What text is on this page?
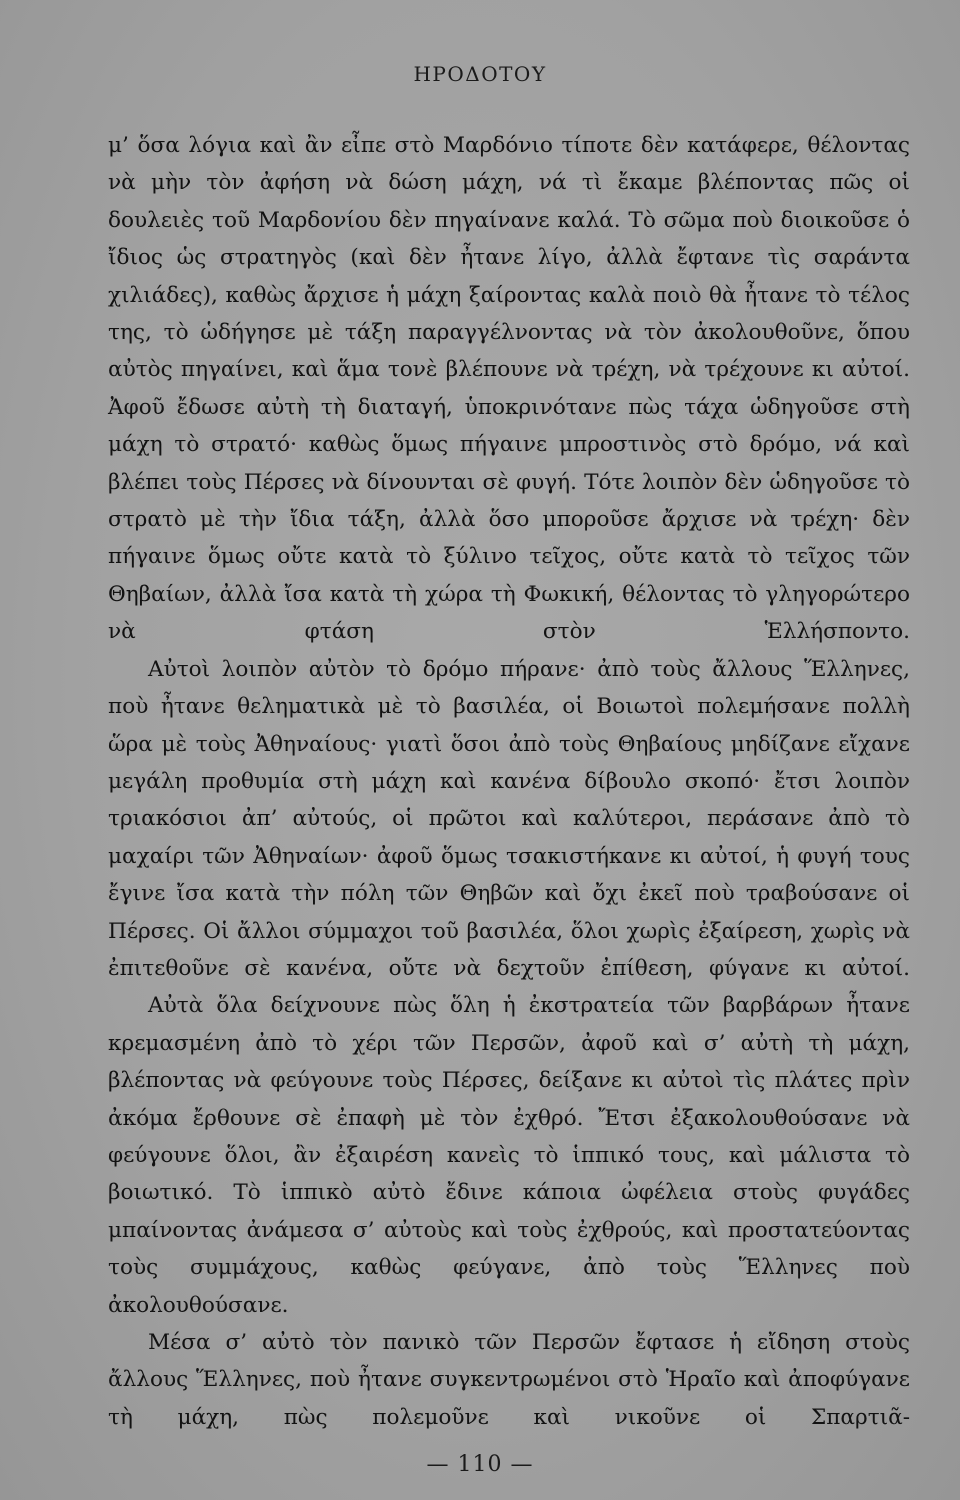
ΗΡΟΔΟΤΟΥ

μ’ ὅσα λόγια καὶ ἂν εἶπε στὸ Μαρδόνιο τίποτε δὲν κατάφερε, θέλοντας νὰ μὴν τὸν ἀφήση νὰ δώση μάχη, νά τὶ ἔκαμε βλέποντας πῶς οἱ δουλειὲς τοῦ Μαρδονίου δὲν πηγαίνανε καλά. Τὸ σῶμα ποὺ διοικοῦσε ὁ ἴδιος ὡς στρατηγὸς (καὶ δὲν ἦτανε λίγο, ἀλλὰ ἔφτανε τὶς σαράντα χιλιάδες), καθὼς ἄρχισε ἡ μάχη ξαίροντας καλὰ ποιὸ θὰ ἦτανε τὸ τέλος της, τὸ ὡδήγησε μὲ τάξη παραγγέλνοντας νὰ τὸν ἀκολουθοῦνε, ὅπου αὐτὸς πηγαίνει, καὶ ἅμα τονὲ βλέπουνε νὰ τρέχη, νὰ τρέχουνε κι αὐτοί. Ἀφοῦ ἔδωσε αὐτὴ τὴ διαταγή, ὑποκρινότανε πὼς τάχα ὡδηγοῦσε στὴ μάχη τὸ στρατό· καθὼς ὅμως πήγαινε μπροστινὸς στὸ δρόμο, νά καὶ βλέπει τοὺς Πέρσες νὰ δίνουνται σὲ φυγή. Τότε λοιπὸν δὲν ὡδηγοῦσε τὸ στρατὸ μὲ τὴν ἴδια τάξη, ἀλλὰ ὅσο μποροῦσε ἄρχισε νὰ τρέχη· δὲν πήγαινε ὅμως οὔτε κατὰ τὸ ξύλινο τεῖχος, οὔτε κατὰ τὸ τεῖχος τῶν Θηβαίων, ἀλλὰ ἴσα κατὰ τὴ χώρα τὴ Φωκική, θέλοντας τὸ γληγορώτερο νὰ φτάση στὸν Ἑλλήσποντο.

Αὐτοὶ λοιπὸν αὐτὸν τὸ δρόμο πήρανε· ἀπὸ τοὺς ἄλλους Ἕλληνες, ποὺ ἦτανε θεληματικὰ μὲ τὸ βασιλέα, οἱ Βοιωτοὶ πολεμήσανε πολλὴ ὥρα μὲ τοὺς Ἀθηναίους· γιατὶ ὅσοι ἀπὸ τοὺς Θηβαίους μηδίζανε εἴχανε μεγάλη προθυμία στὴ μάχη καὶ κανένα δίβουλο σκοπό· ἔτσι λοιπὸν τριακόσιοι ἀπ’ αὐτούς, οἱ πρῶτοι καὶ καλύτεροι, περάσανε ἀπὸ τὸ μαχαίρι τῶν Ἀθηναίων· ἀφοῦ ὅμως τσακιστήκανε κι αὐτοί, ἡ φυγή τους ἔγινε ἴσα κατὰ τὴν πόλη τῶν Θηβῶν καὶ ὄχι ἐκεῖ ποὺ τραβούσανε οἱ Πέρσες. Οἱ ἄλλοι σύμμαχοι τοῦ βασιλέα, ὅλοι χωρὶς ἐξαίρεση, χωρὶς νὰ ἐπιτεθοῦνε σὲ κανένα, οὔτε νὰ δεχτοῦν ἐπίθεση, φύγανε κι αὐτοί.

Αὐτὰ ὅλα δείχνουνε πὼς ὅλη ἡ ἐκστρατεία τῶν βαρβάρων ἦτανε κρεμασμένη ἀπὸ τὸ χέρι τῶν Περσῶν, ἀφοῦ καὶ σ’ αὐτὴ τὴ μάχη, βλέποντας νὰ φεύγουνε τοὺς Πέρσες, δείξανε κι αὐτοὶ τὶς πλάτες πρὶν ἀκόμα ἔρθουνε σὲ ἐπαφὴ μὲ τὸν ἐχθρό. Ἔτσι ἐξακολουθούσανε νὰ φεύγουνε ὅλοι, ἂν ἐξαιρέση κανεὶς τὸ ἱππικό τους, καὶ μάλιστα τὸ βοιωτικό. Τὸ ἱππικὸ αὐτὸ ἔδινε κάποια ὠφέλεια στοὺς φυγάδες μπαίνοντας ἀνάμεσα σ’ αὐτοὺς καὶ τοὺς ἐχθρούς, καὶ προστατεύοντας τοὺς συμμάχους, καθὼς φεύγανε, ἀπὸ τοὺς Ἕλληνες ποὺ ἀκολουθούσανε.

Μέσα σ’ αὐτὸ τὸν πανικὸ τῶν Περσῶν ἔφτασε ἡ εἴδηση στοὺς ἄλλους Ἕλληνες, ποὺ ἦτανε συγκεντρωμένοι στὸ Ἡραῖο καὶ ἀποφύγανε τὴ μάχη, πὼς πολεμοῦνε καὶ νικοῦνε οἱ Σπαρτιᾶ-

— 110 —
